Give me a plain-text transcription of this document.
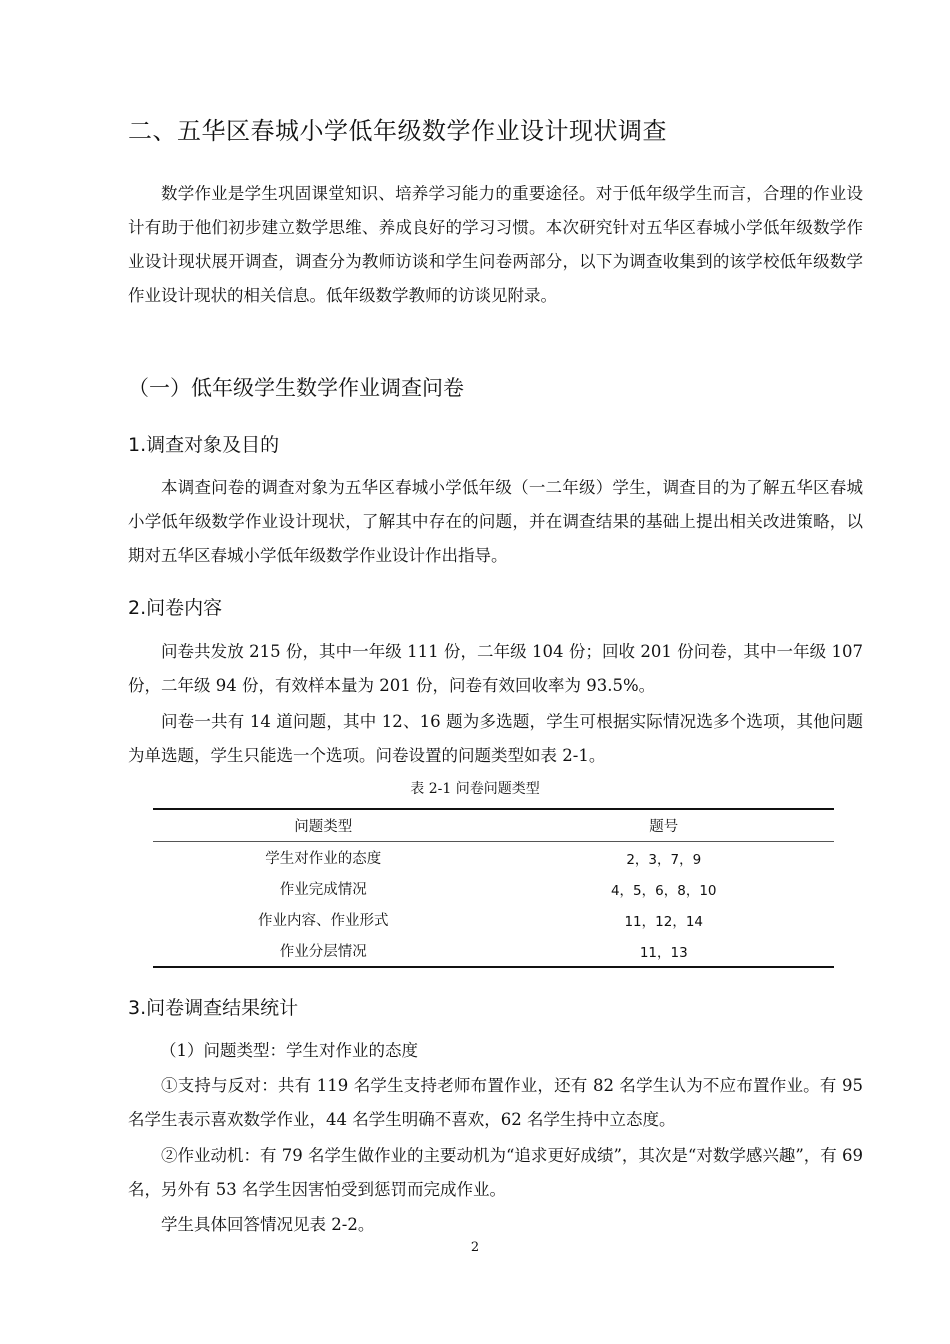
二、五华区春城小学低年级数学作业设计现状调查

数学作业是学生巩固课堂知识、培养学习能力的重要途径。对于低年级学生而言，合理的作业设计有助于他们初步建立数学思维、养成良好的学习习惯。本次研究针对五华区春城小学低年级数学作业设计现状展开调查，调查分为教师访谈和学生问卷两部分，以下为调查收集到的该学校低年级数学作业设计现状的相关信息。低年级数学教师的访谈见附录。

（一）低年级学生数学作业调查问卷
1.调查对象及目的

本调查问卷的调查对象为五华区春城小学低年级（一二年级）学生，调查目的为了解五华区春城小学低年级数学作业设计现状，了解其中存在的问题，并在调查结果的基础上提出相关改进策略，以期对五华区春城小学低年级数学作业设计作出指导。

2.问卷内容

问卷共发放 215 份，其中一年级 111 份，二年级 104 份；回收 201 份问卷，其中一年级 107 份，二年级 94 份，有效样本量为 201 份，问卷有效回收率为 93.5%。

问卷一共有 14 道问题，其中 12、16 题为多选题，学生可根据实际情况选多个选项，其他问题为单选题，学生只能选一个选项。问卷设置的问题类型如表 2-1。

表 2-1 问卷问题类型
问题类型	题号
学生对作业的态度	2，3，7，9
作业完成情况	4，5，6，8，10
作业内容、作业形式	11，12，14
作业分层情况	11，13
3.问卷调查结果统计

（1）问题类型：学生对作业的态度

①支持与反对：共有 119 名学生支持老师布置作业，还有 82 名学生认为不应布置作业。有 95 名学生表示喜欢数学作业，44 名学生明确不喜欢，62 名学生持中立态度。

②作业动机：有 79 名学生做作业的主要动机为“追求更好成绩”，其次是“对数学感兴趣”，有 69 名，另外有 53 名学生因害怕受到惩罚而完成作业。

学生具体回答情况见表 2-2。

2
